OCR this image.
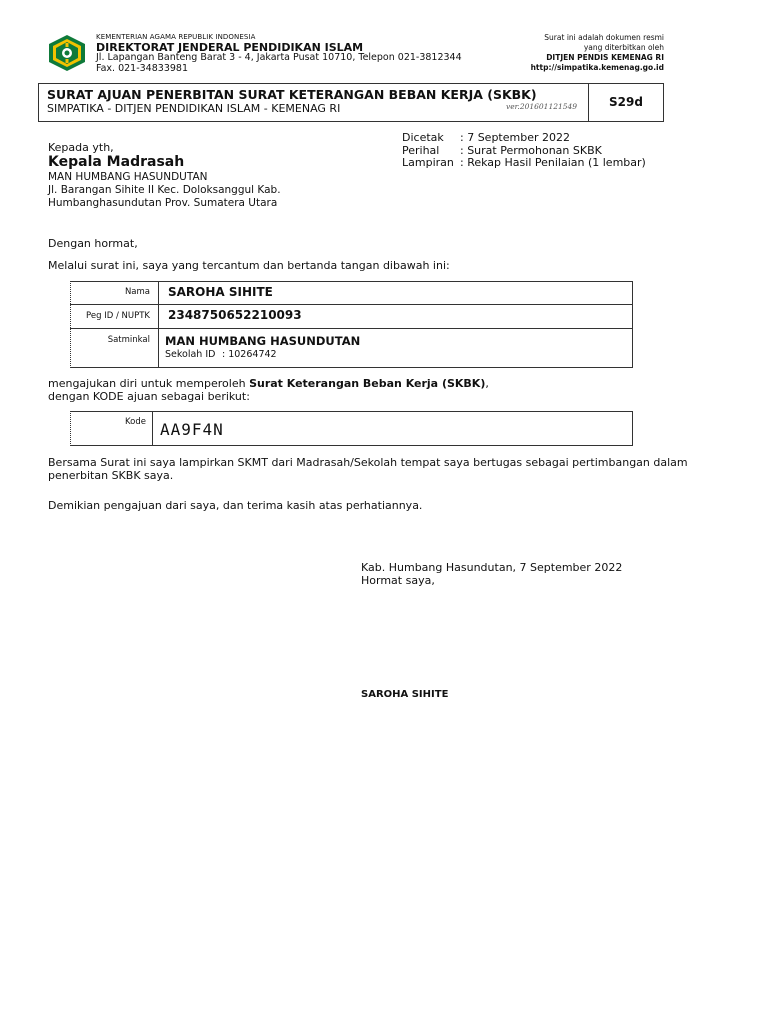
KEMENTERIAN AGAMA REPUBLIK INDONESIA
DIREKTORAT JENDERAL PENDIDIKAN ISLAM
Jl. Lapangan Banteng Barat 3 - 4, Jakarta Pusat 10710, Telepon 021-3812344
Fax. 021-34833981
Surat ini adalah dokumen resmi
yang diterbitkan oleh
DITJEN PENDIS KEMENAG RI
http://simpatika.kemenag.go.id
SURAT AJUAN PENERBITAN SURAT KETERANGAN BEBAN KERJA (SKBK)
SIMPATIKA - DITJEN PENDIDIKAN ISLAM - KEMENAG RI	ver.201601121549	S29d
Dicetak	: 7 September 2022
Perihal	: Surat Permohonan SKBK
Lampiran	: Rekap Hasil Penilaian (1 lembar)
Kepada yth,
Kepala Madrasah
MAN HUMBANG HASUNDUTAN
Jl. Barangan Sihite II Kec. Doloksanggul Kab.
Humbanghasundutan Prov. Sumatera Utara
Dengan hormat,
Melalui surat ini, saya yang tercantum dan bertanda tangan dibawah ini:
Nama SAROHA SIHITE
Peg ID / NUPTK 2348750652210093
Satminkal MAN HUMBANG HASUNDUTAN
Sekolah ID : 10264742
mengajukan diri untuk memperoleh Surat Keterangan Beban Kerja (SKBK),
dengan KODE ajuan sebagai berikut:
Kode AA9F4N
Bersama Surat ini saya lampirkan SKMT dari Madrasah/Sekolah tempat saya bertugas sebagai pertimbangan dalam
penerbitan SKBK saya.
Demikian pengajuan dari saya, dan terima kasih atas perhatiannya.
Kab. Humbang Hasundutan, 7 September 2022
Hormat saya,
SAROHA SIHITE
